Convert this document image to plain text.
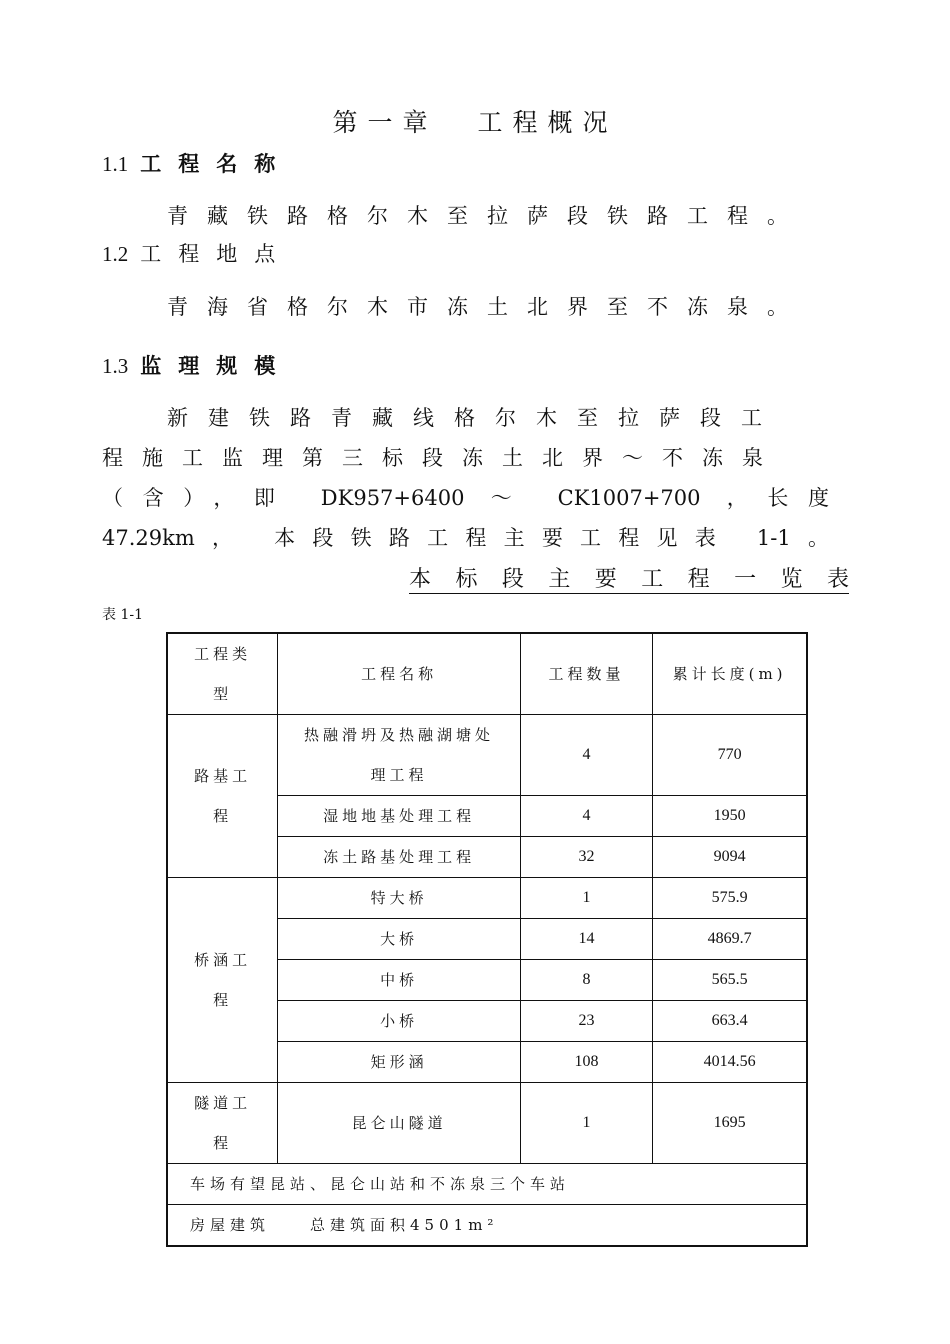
第一章 工程概况
1.1 工程名称
青藏铁路格尔木至拉萨段铁路工程。
1.2 工程地点
青海省格尔木市冻土北界至不冻泉。
1.3 监理规模
新建铁路青藏线格尔木至拉萨段工
程施工监理第三标段冻土北界～不冻泉
（含），即 DK957+6400 ～ CK1007+700 ，长度
47.29km， 本段铁路工程主要工程见表 1-1。
本标段主要工程一览表
表 1-1
工程类型	工程名称	工程数量	累计长度(m)

路基工程	热融滑坍及热融湖塘处理工程	4	770
	湿地地基处理工程	4	1950
	冻土路基处理工程	32	9094

桥涵工程	特大桥	1	575.9
	大桥	14	4869.7
	中桥	8	565.5
	小桥	23	663.4
	矩形涵	108	4014.56

隧道工程	昆仑山隧道	1	1695
车场有望昆站、昆仑山站和不冻泉三个车站			
房屋建筑 总建筑面积4501m²			
